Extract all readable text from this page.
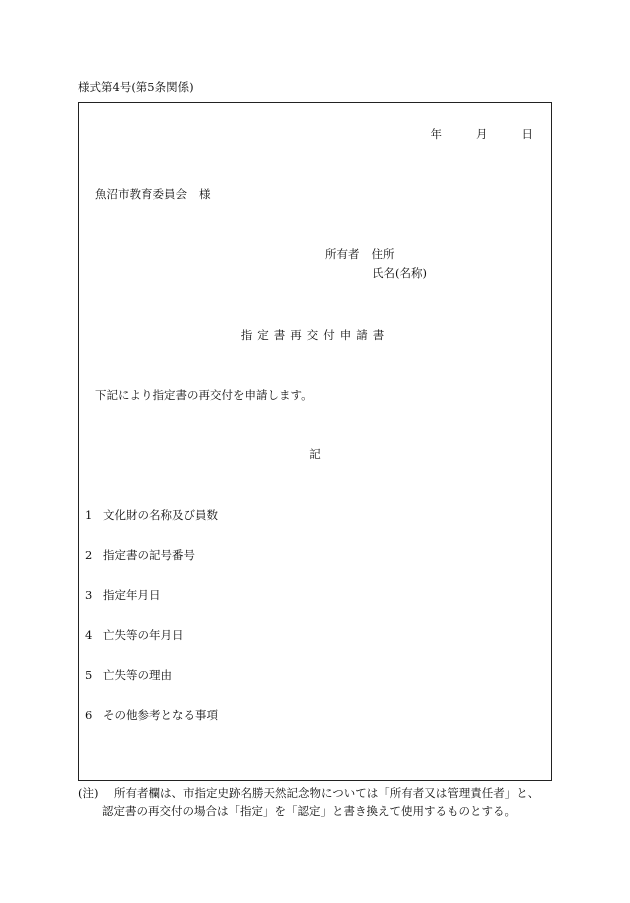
様式第4号(第5条関係)
年	月	日
魚沼市教育委員会 様
所有者 住所
氏名(名称)
指定書再交付申請書
下記により指定書の再交付を申請します。
記
1 文化財の名称及び員数
2 指定書の記号番号
3 指定年月日
4 亡失等の年月日
5 亡失等の理由
6 その他参考となる事項
(注)	所有者欄は、市指定史跡名勝天然記念物については「所有者又は管理責任者」と、
認定書の再交付の場合は「指定」を「認定」と書き換えて使用するものとする。
